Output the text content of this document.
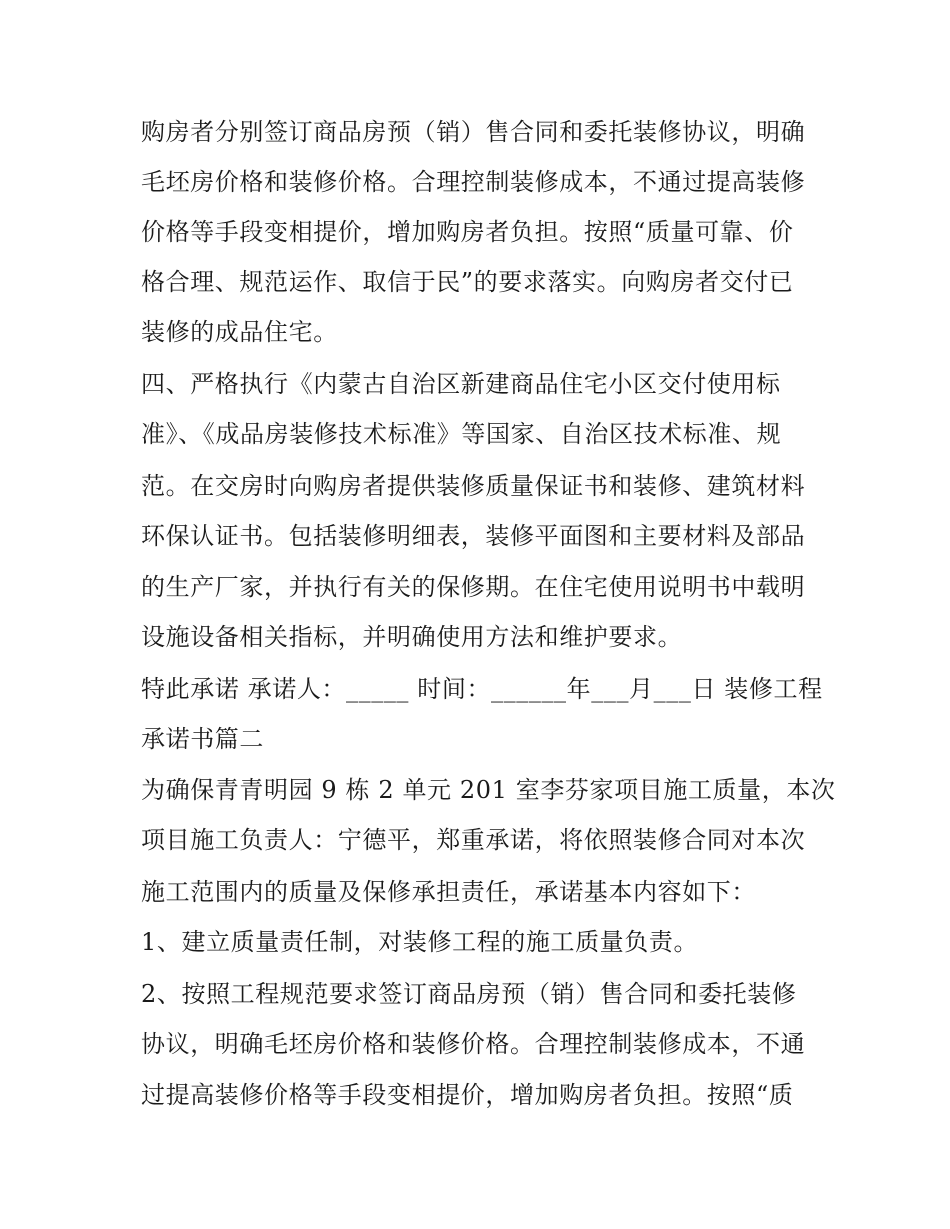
购房者分别签订商品房预（销）售合同和委托装修协议，明确
毛坯房价格和装修价格。合理控制装修成本，不通过提高装修
价格等手段变相提价，增加购房者负担。按照“质量可靠、价
格合理、规范运作、取信于民”的要求落实。向购房者交付已
装修的成品住宅。
四、严格执行《内蒙古自治区新建商品住宅小区交付使用标
准》、《成品房装修技术标准》等国家、自治区技术标准、规
范。在交房时向购房者提供装修质量保证书和装修、建筑材料
环保认证书。包括装修明细表，装修平面图和主要材料及部品
的生产厂家，并执行有关的保修期。在住宅使用说明书中载明
设施设备相关指标，并明确使用方法和维护要求。
特此承诺 承诺人：_____ 时间：______年___月___日 装修工程
承诺书篇二
为确保青青明园 9 栋 2 单元 201 室李芬家项目施工质量，本次
项目施工负责人：宁德平，郑重承诺，将依照装修合同对本次
施工范围内的质量及保修承担责任，承诺基本内容如下：
1、建立质量责任制，对装修工程的施工质量负责。
2、按照工程规范要求签订商品房预（销）售合同和委托装修
协议，明确毛坯房价格和装修价格。合理控制装修成本，不通
过提高装修价格等手段变相提价，增加购房者负担。按照“质
